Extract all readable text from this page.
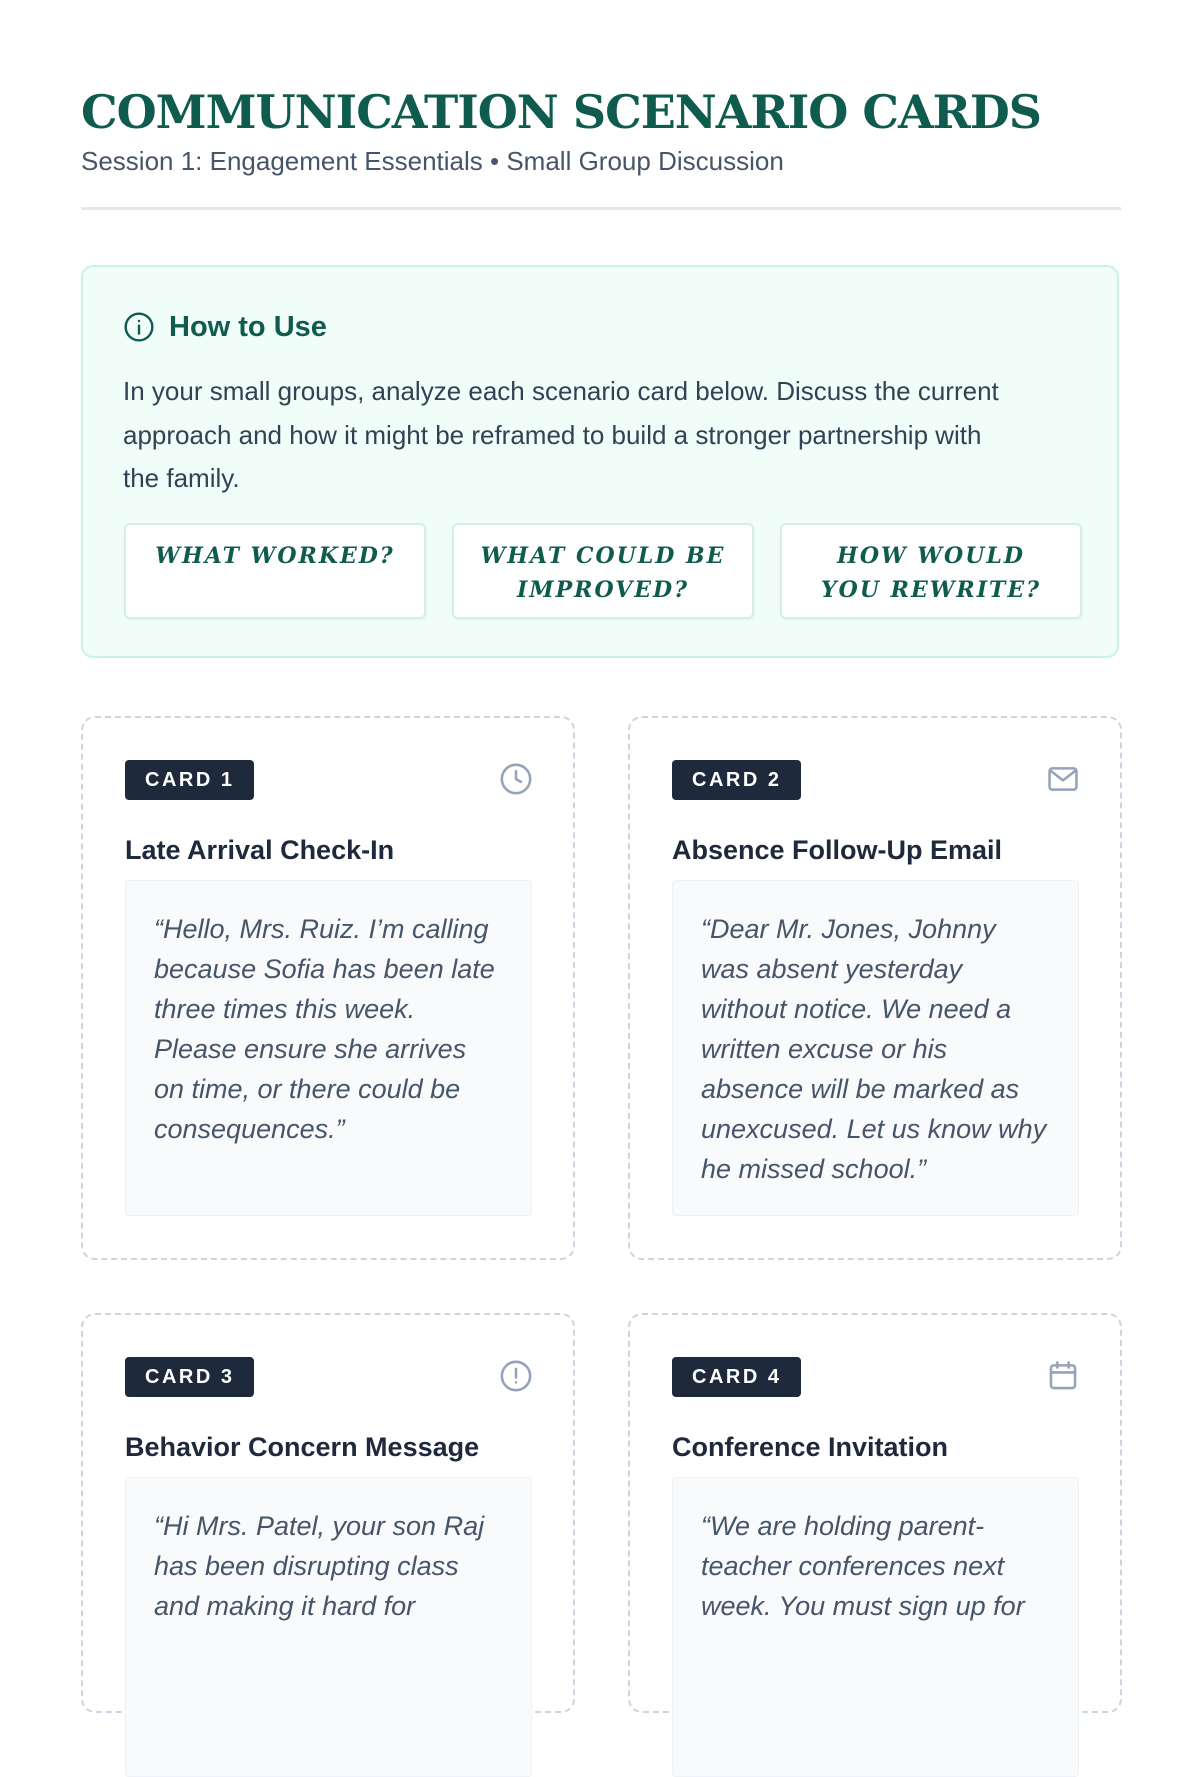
COMMUNICATION SCENARIO CARDS
Session 1: Engagement Essentials • Small Group Discussion
How to Use

In your small groups, analyze each scenario card below. Discuss the current approach and how it might be reframed to build a stronger partnership with the family.

WHAT WORKED?	WHAT COULD BE IMPROVED?
HOW WOULD YOU REWRITE?
CARD 1
Late Arrival Check-In
“Hello, Mrs. Ruiz. I’m calling because Sofia has been late three times this week. Please ensure she arrives on time, or there could be consequences.”
CARD 2
Absence Follow-Up Email
“Dear Mr. Jones, Johnny was absent yesterday without notice. We need a written excuse or his absence will be marked as unexcused. Let us know why he missed school.”
CARD 3
Behavior Concern Message
“Hi Mrs. Patel, your son Raj has been disrupting class and making it hard for
CARD 4
Conference Invitation
“We are holding parent-teacher conferences next week. You must sign up for
